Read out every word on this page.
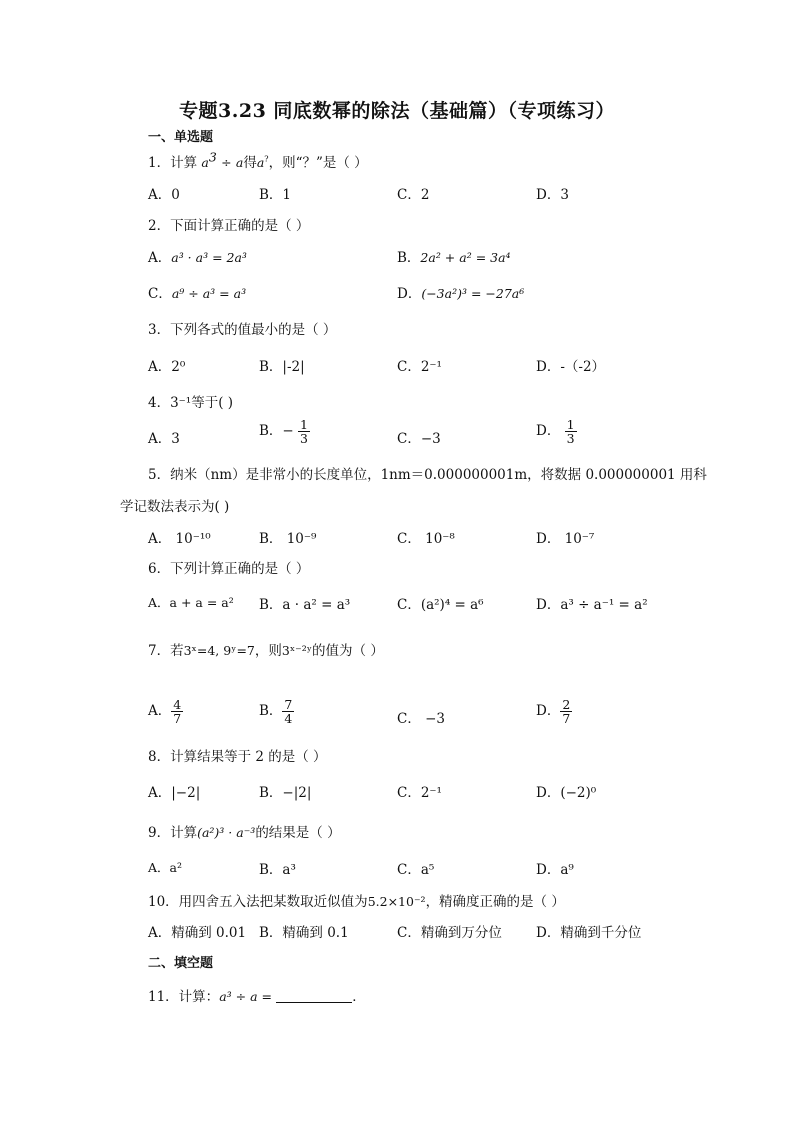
专题3.23 同底数幂的除法（基础篇）（专项练习）
一、单选题
1．计算 $a^3 \div a$得a?，则“？”是（ ）
A．0	B．1	C．2	D．3
2．下面计算正确的是（ ）
A．a³ · a³ = 2a³	B．2a² + a² = 3a⁴
C．a⁹ ÷ a³ = a³	D．(−3a²)³ = −27a⁶
3．下列各式的值最小的是（ ）
A．2⁰	B．|-2|	C．2⁻¹	D．-（-2）
4．3⁻¹等于( )
A．3	B．− $\frac{1}{3}$	C．−3	D． $\frac{1}{3}$
5．纳米（nm）是非常小的长度单位，1nm＝0.000000001m，将数据 0.000000001 用科
学记数法表示为( )
A． 10⁻¹⁰	B． 10⁻⁹	C． 10⁻⁸	D． 10⁻⁷
6．下列计算正确的是（ ）
A．a + a = a² B．a · a² = a³	C．(a²)⁴ = a⁶	D．a³ ÷ a⁻¹ = a²
7．若3ˣ=4, 9ʸ=7，则3ˣ⁻²ʸ的值为（ ）
A． $\frac{4}{7}$	B． $\frac{7}{4}$	C． −3	D． $\frac{2}{7}$
8．计算结果等于 2 的是（ ）
A．|−2|	B．−|2|	C．2⁻¹	D．(−2)⁰
9．计算(a²)³ · a⁻³的结果是（ ）
A．a²	B．a³	C．a⁵	D．a⁹
10．用四舍五入法把某数取近似值为5.2×10⁻²，精确度正确的是（ ）
A．精确到 0.01 B．精确到 0.1	C．精确到万分位	D．精确到千分位
二、填空题
11．计算：a³ ÷ a =	．
